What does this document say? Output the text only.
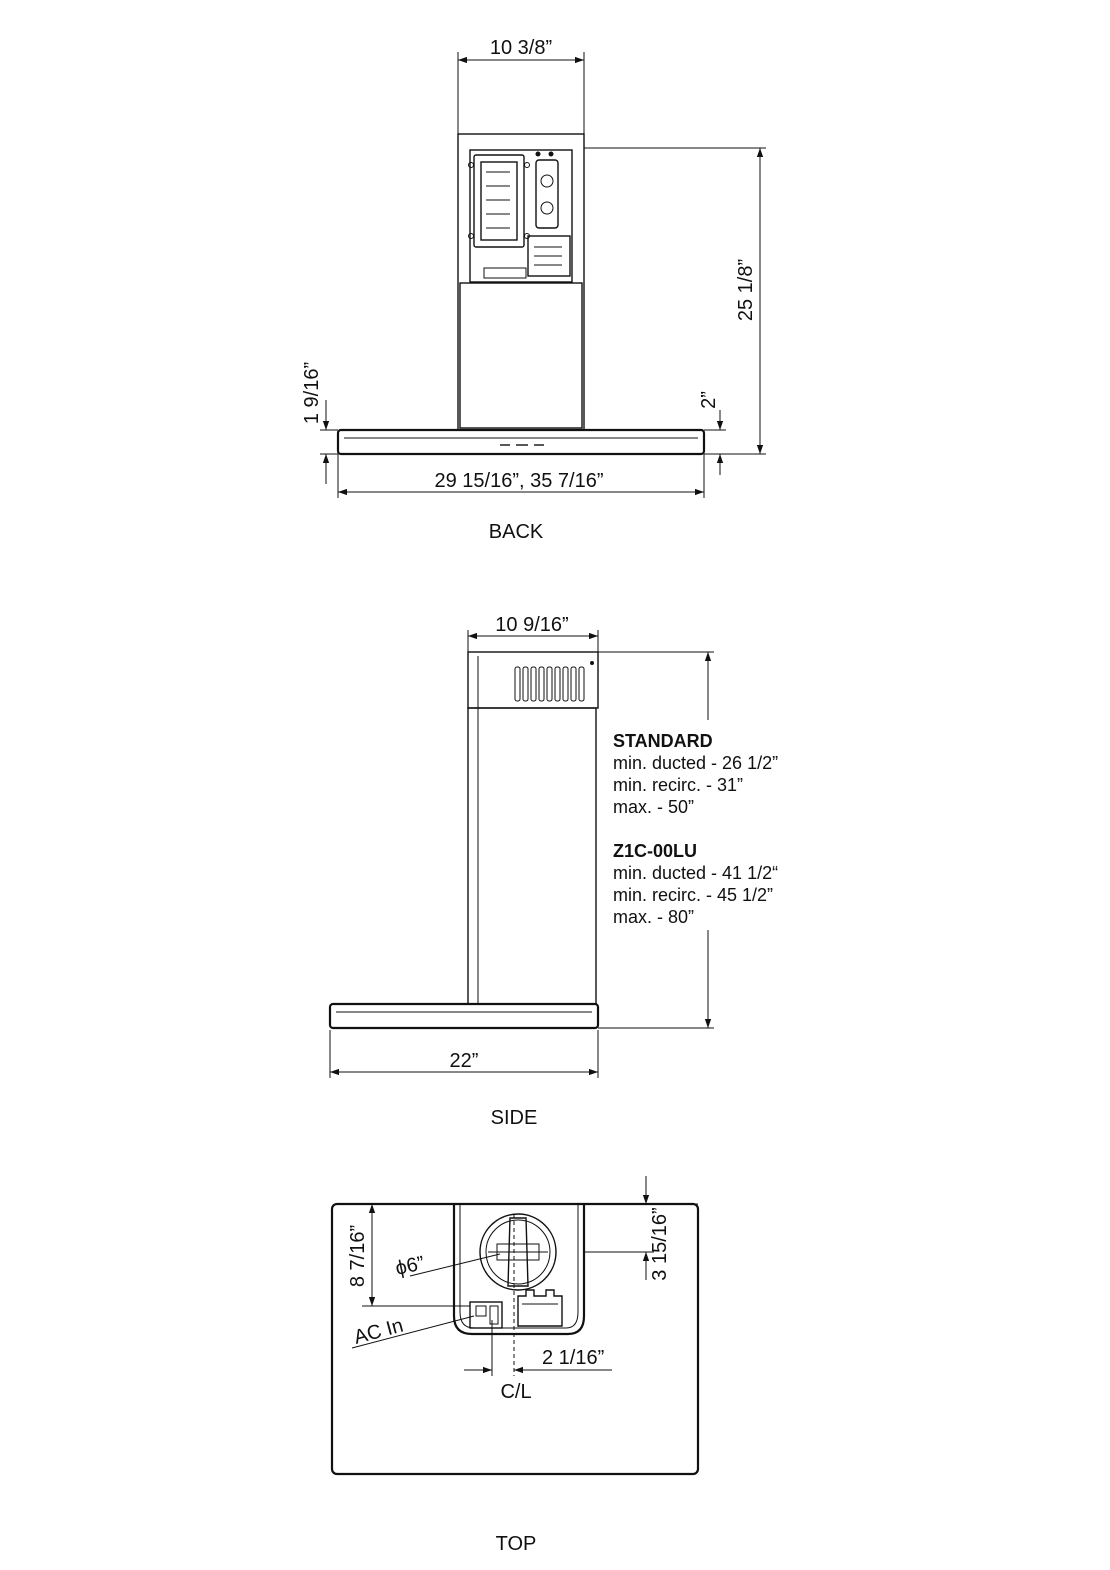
10 3/8”
25 1/8”
1 9/16”	2”
29 15/16”, 35 7/16”
BACK
10 9/16”
STANDARD
min. ducted - 26 1/2”
min. recirc. - 31”
max. - 50”
Z1C-00LU
min. ducted - 41 1/2“
min. recirc. - 45 1/2”
max. - 80”
22”
SIDE
8 7/16” ϕ6”	3 15/16”
AC In
2 1/16”
C/L
TOP
